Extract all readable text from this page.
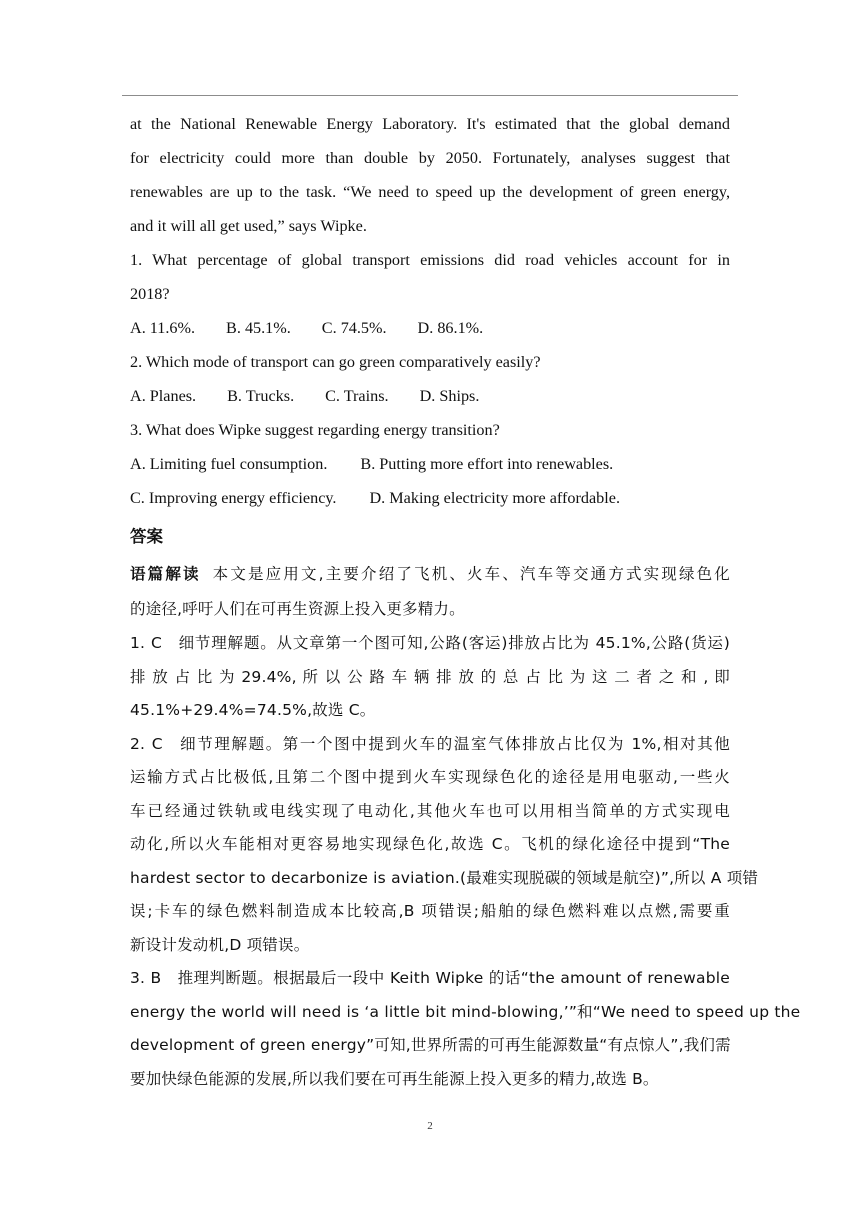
at the National Renewable Energy Laboratory. It's estimated that the global demand
for electricity could more than double by 2050. Fortunately, analyses suggest that
renewables are up to the task. “We need to speed up the development of green energy,
and it will all get used,” says Wipke.
1. What percentage of global transport emissions did road vehicles account for in
2018?
A. 11.6%. B. 45.1%. C. 74.5%. D. 86.1%.
2. Which mode of transport can go green comparatively easily?
A. Planes. B. Trucks. C. Trains. D. Ships.
3. What does Wipke suggest regarding energy transition?
A. Limiting fuel consumption. B. Putting more effort into renewables.
C. Improving energy efficiency. D. Making electricity more affordable.
答案
语篇解读 本文是应用文,主要介绍了飞机、火车、汽车等交通方式实现绿色化
的途径,呼吁人们在可再生资源上投入更多精力。
1. C 细节理解题。从文章第一个图可知,公路(客运)排放占比为 45.1%,公路(货运)
排 放 占 比 为 29.4%, 所 以 公 路 车 辆 排 放 的 总 占 比 为 这 二 者 之 和 , 即
45.1%+29.4%=74.5%,故选 C。
2. C 细节理解题。第一个图中提到火车的温室气体排放占比仅为 1%,相对其他
运输方式占比极低,且第二个图中提到火车实现绿色化的途径是用电驱动,一些火
车已经通过铁轨或电线实现了电动化,其他火车也可以用相当简单的方式实现电
动化,所以火车能相对更容易地实现绿色化,故选 C。飞机的绿化途径中提到“The
hardest sector to decarbonize is aviation.(最难实现脱碳的领域是航空)”,所以 A 项错
误;卡车的绿色燃料制造成本比较高,B 项错误;船舶的绿色燃料难以点燃,需要重
新设计发动机,D 项错误。
3. B 推理判断题。根据最后一段中 Keith Wipke 的话“the amount of renewable
energy the world will need is ‘a little bit mind-blowing,’”和“We need to speed up the
development of green energy”可知,世界所需的可再生能源数量“有点惊人”,我们需
要加快绿色能源的发展,所以我们要在可再生能源上投入更多的精力,故选 B。
2
